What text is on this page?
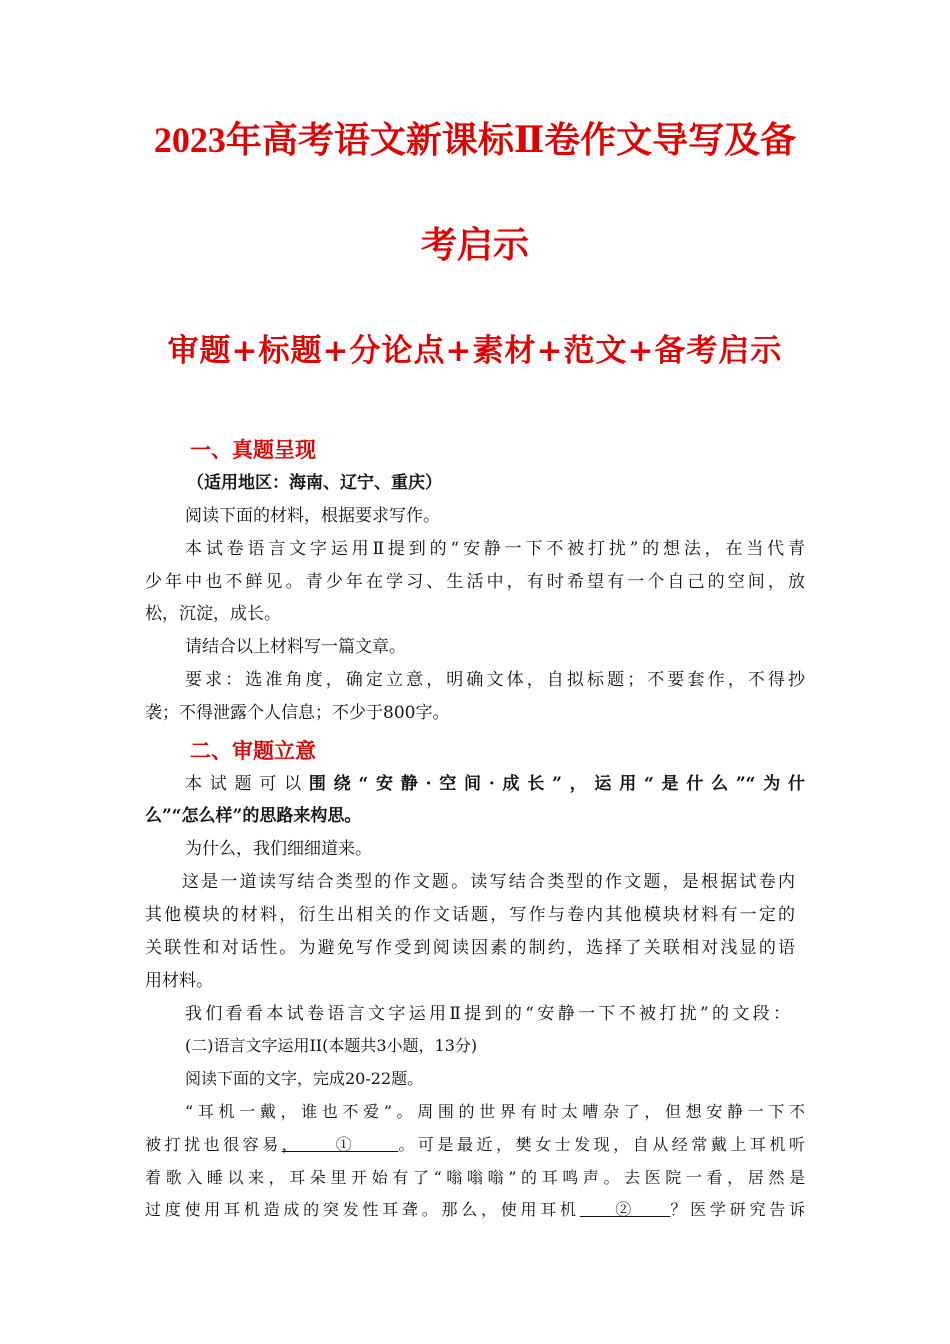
2023年高考语文新课标Ⅱ卷作文导写及备
考启示
审题+标题+分论点+素材+范文+备考启示
一、真题呈现
（适用地区：海南、辽宁、重庆）
阅读下面的材料，根据要求写作。
本试卷语言文字运用Ⅱ提到的“安静一下不被打扰”的想法，在当代青
少年中也不鲜见。青少年在学习、生活中，有时希望有一个自己的空间，放
松，沉淀，成长。
请结合以上材料写一篇文章。
要求：选准角度，确定立意，明确文体，自拟标题；不要套作，不得抄
袭；不得泄露个人信息；不少于800字。
二、审题立意
本试题可以围绕“安静·空间·成长”，运用“是什么”“为什
么”“怎么样”的思路来构思。
为什么，我们细细道来。
这是一道读写结合类型的作文题。读写结合类型的作文题，是根据试卷内
其他模块的材料，衍生出相关的作文话题，写作与卷内其他模块材料有一定的
关联性和对话性。为避免写作受到阅读因素的制约，选择了关联相对浅显的语
用材料。
我们看看本试卷语言文字运用Ⅱ提到的“安静一下不被打扰”的文段：
(二)语言文字运用II(本题共3小题，13分)
阅读下面的文字，完成20-22题。
“耳机一戴，谁也不爱”。周围的世界有时太嘈杂了，但想安静一下不
被打扰也很容易，    ①     。可是最近，樊女士发现，自从经常戴上耳机听
着歌入睡以来，耳朵里开始有了“嗡嗡嗡”的耳鸣声。去医院一看，居然是
过度使用耳机造成的突发性耳聋。那么，使用耳机    ②    ？医学研究告诉
